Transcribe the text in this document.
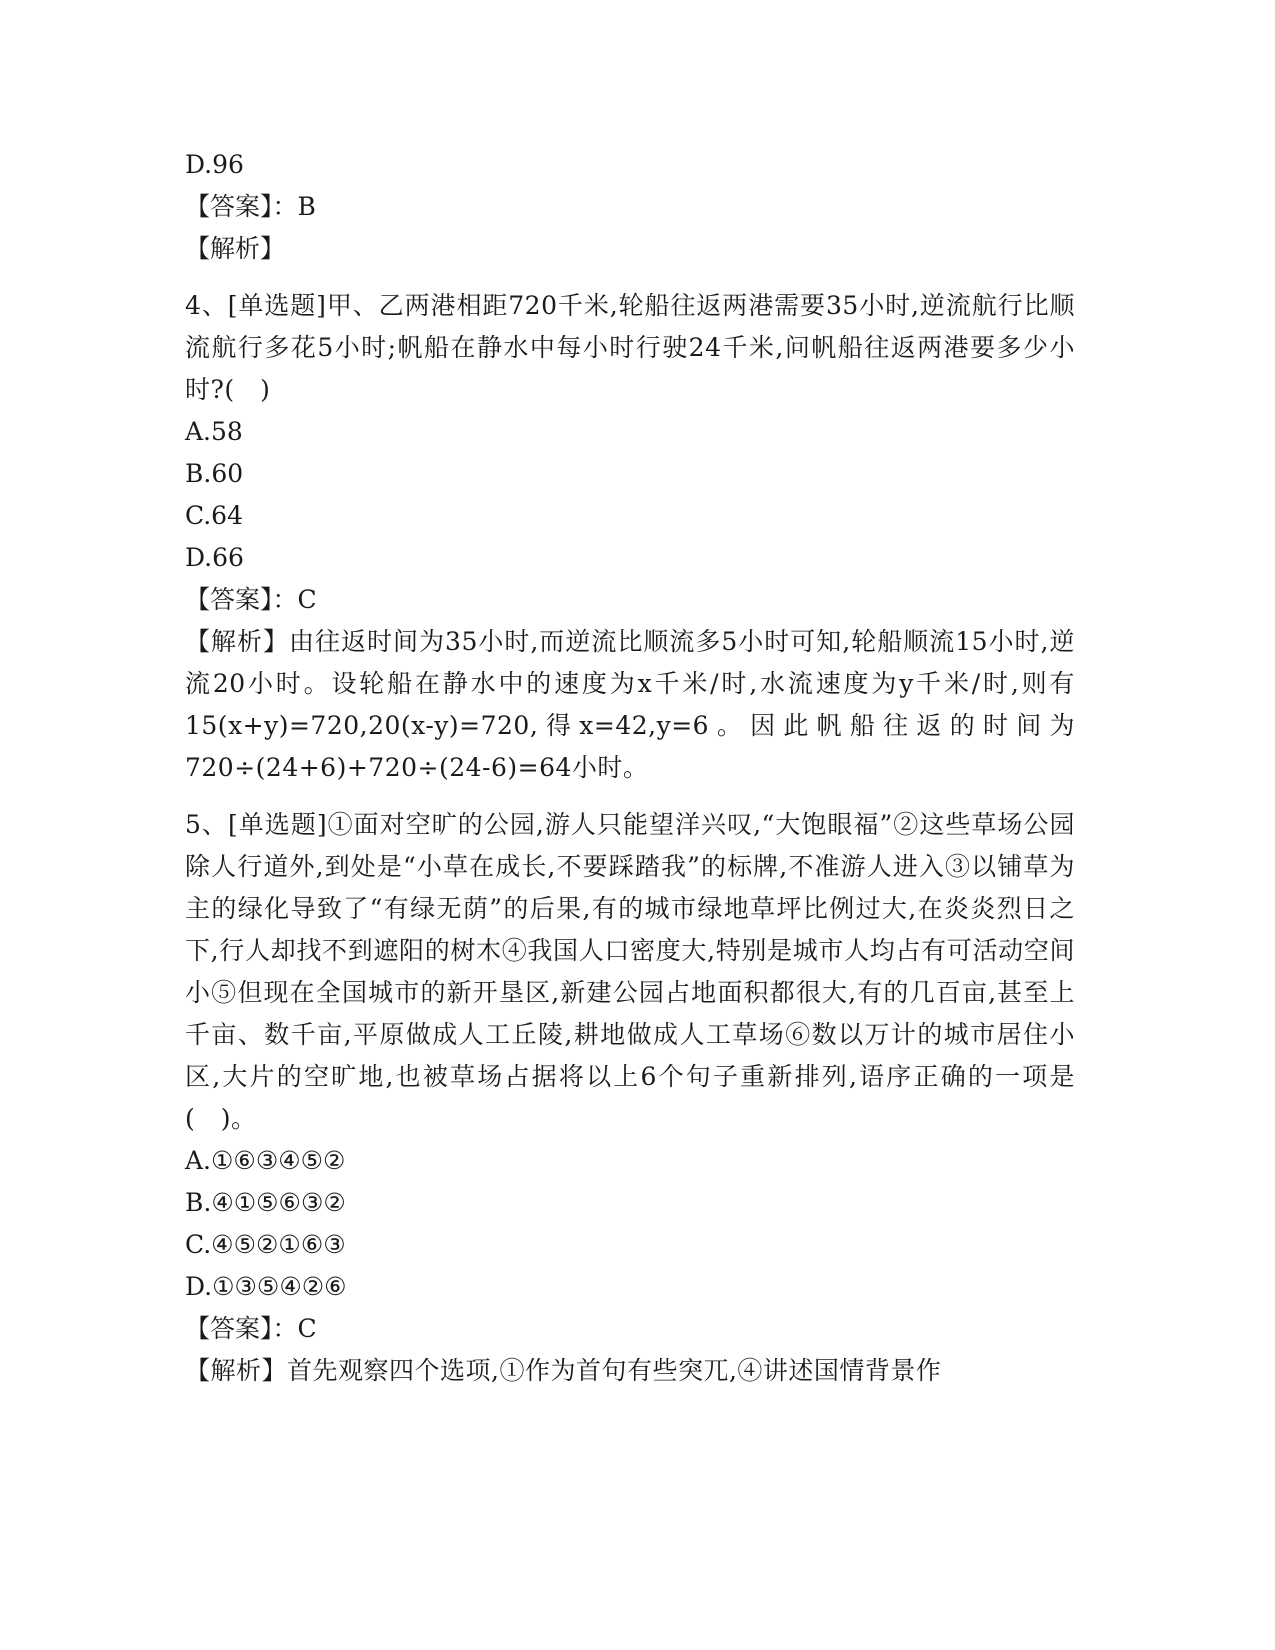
D.96
【答案】：B
【解析】
4、[单选题]甲、乙两港相距720千米,轮船往返两港需要35小时,逆流航行比顺流航行多花5小时;帆船在静水中每小时行驶24千米,问帆船往返两港要多少小时?(　)
A.58
B.60
C.64
D.66
【答案】：C
【解析】由往返时间为35小时,而逆流比顺流多5小时可知,轮船顺流15小时,逆流20小时。设轮船在静水中的速度为x千米/时,水流速度为y千米/时,则有15(x+y)=720,20(x-y)=720,得x=42,y=6。因此帆船往返的时间为720÷(24+6)+720÷(24-6)=64小时。
5、[单选题]①面对空旷的公园,游人只能望洋兴叹,“大饱眼福”②这些草场公园除人行道外,到处是“小草在成长,不要踩踏我”的标牌,不准游人进入③以铺草为主的绿化导致了“有绿无荫”的后果,有的城市绿地草坪比例过大,在炎炎烈日之下,行人却找不到遮阳的树木④我国人口密度大,特别是城市人均占有可活动空间小⑤但现在全国城市的新开垦区,新建公园占地面积都很大,有的几百亩,甚至上千亩、数千亩,平原做成人工丘陵,耕地做成人工草场⑥数以万计的城市居住小区,大片的空旷地,也被草场占据将以上6个句子重新排列,语序正确的一项是(　)。
A.①⑥③④⑤②
B.④①⑤⑥③②
C.④⑤②①⑥③
D.①③⑤④②⑥
【答案】：C
【解析】首先观察四个选项,①作为首句有些突兀,④讲述国情背景作
